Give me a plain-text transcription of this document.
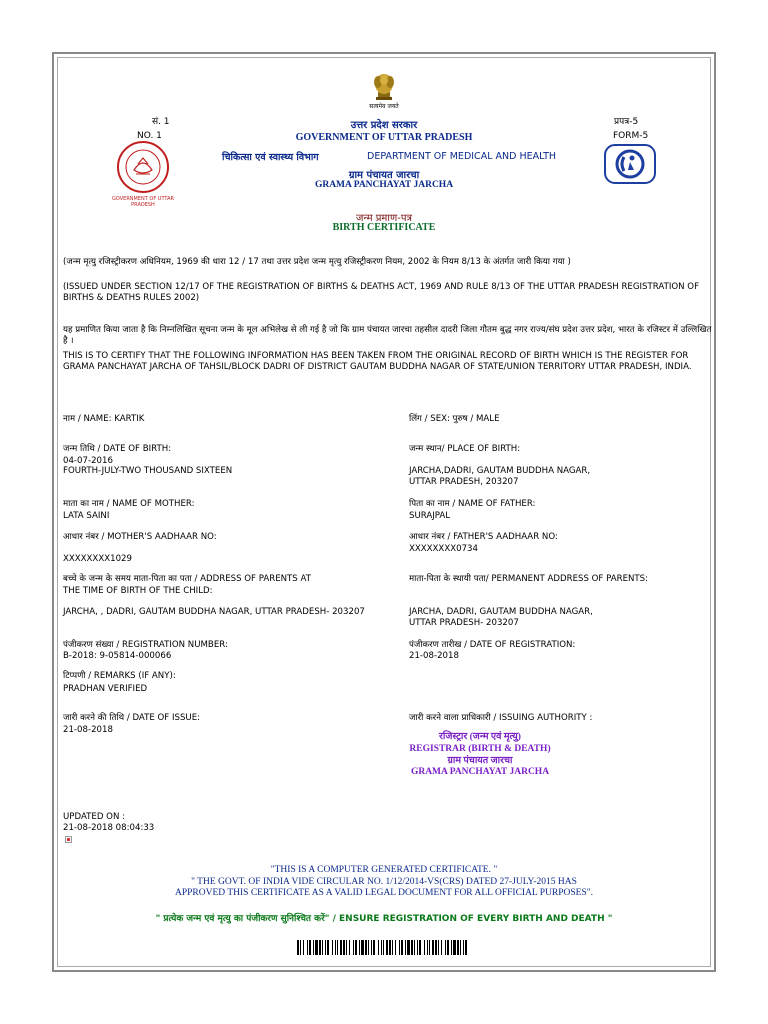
सत्यमेव जयते
सं. 1
NO. 1
प्रपत्र-5
FORM-5
GOVERNMENT OF UTTAR PRADESH
उत्तर प्रदेश सरकार
GOVERNMENT OF UTTAR PRADESH
चिकित्सा एवं स्वास्थ्य विभाग	DEPARTMENT OF MEDICAL AND HEALTH
ग्राम पंचायत जारचा
GRAMA PANCHAYAT JARCHA
जन्म प्रमाण-पत्र
BIRTH CERTIFICATE
(जन्म मृत्यु रजिस्ट्रीकरण अधिनियम, 1969 की धारा 12 / 17 तथा उत्तर प्रदेश जन्म मृत्यु रजिस्ट्रीकरण नियम, 2002 के नियम 8/13 के अंतर्गत जारी किया गया )
(ISSUED UNDER SECTION 12/17 OF THE REGISTRATION OF BIRTHS & DEATHS ACT, 1969 AND RULE 8/13 OF THE UTTAR PRADESH REGISTRATION OF BIRTHS & DEATHS RULES 2002)
यह प्रमाणित किया जाता है कि निम्नलिखित सूचना जन्म के मूल अभिलेख से ली गई है जो कि ग्राम पंचायत जारचा तहसील दादरी जिला गौतम बुद्ध नगर राज्य/संघ प्रदेश उत्तर प्रदेश, भारत के रजिस्टर में उल्लिखित है ।
THIS IS TO CERTIFY THAT THE FOLLOWING INFORMATION HAS BEEN TAKEN FROM THE ORIGINAL RECORD OF BIRTH WHICH IS THE REGISTER FOR GRAMA PANCHAYAT JARCHA OF TAHSIL/BLOCK DADRI OF DISTRICT GAUTAM BUDDHA NAGAR OF STATE/UNION TERRITORY UTTAR PRADESH, INDIA.
नाम / NAME: KARTIK	लिंग / SEX: पुरुष / MALE
जन्म तिथि / DATE OF BIRTH:
04-07-2016
FOURTH-JULY-TWO THOUSAND SIXTEEN
जन्म स्थान/ PLACE OF BIRTH:
JARCHA,DADRI, GAUTAM BUDDHA NAGAR,
UTTAR PRADESH, 203207
माता का नाम / NAME OF MOTHER:
LATA SAINI
पिता का नाम / NAME OF FATHER:
SURAJPAL
आधार नंबर / MOTHER'S AADHAAR NO:
XXXXXXXX1029
आधार नंबर / FATHER'S AADHAAR NO:
XXXXXXXX0734
बच्चे के जन्म के समय माता-पिता का पता / ADDRESS OF PARENTS AT
THE TIME OF BIRTH OF THE CHILD:
JARCHA, , DADRI, GAUTAM BUDDHA NAGAR, UTTAR PRADESH- 203207
माता-पिता के स्थायी पता/ PERMANENT ADDRESS OF PARENTS:
JARCHA, DADRI, GAUTAM BUDDHA NAGAR,
UTTAR PRADESH- 203207
पंजीकरण संख्या / REGISTRATION NUMBER:
B-2018: 9-05814-000066
पंजीकरण तारीख / DATE OF REGISTRATION:
21-08-2018
टिप्पणी / REMARKS (IF ANY):
PRADHAN VERIFIED
जारी करने की तिथि / DATE OF ISSUE:
21-08-2018
जारी करने वाला प्राधिकारी / ISSUING AUTHORITY :
रजिस्ट्रार (जन्म एवं मृत्यु)
REGISTRAR (BIRTH & DEATH)
ग्राम पंचायत जारचा
GRAMA PANCHAYAT JARCHA
UPDATED ON :
21-08-2018 08:04:33
"THIS IS A COMPUTER GENERATED CERTIFICATE. "
" THE GOVT. OF INDIA VIDE CIRCULAR NO. 1/12/2014-VS(CRS) DATED 27-JULY-2015 HAS
APPROVED THIS CERTIFICATE AS A VALID LEGAL DOCUMENT FOR ALL OFFICIAL PURPOSES".
" प्रत्येक जन्म एवं मृत्यु का पंजीकरण सुनिश्चित करें" / ENSURE REGISTRATION OF EVERY BIRTH AND DEATH "
